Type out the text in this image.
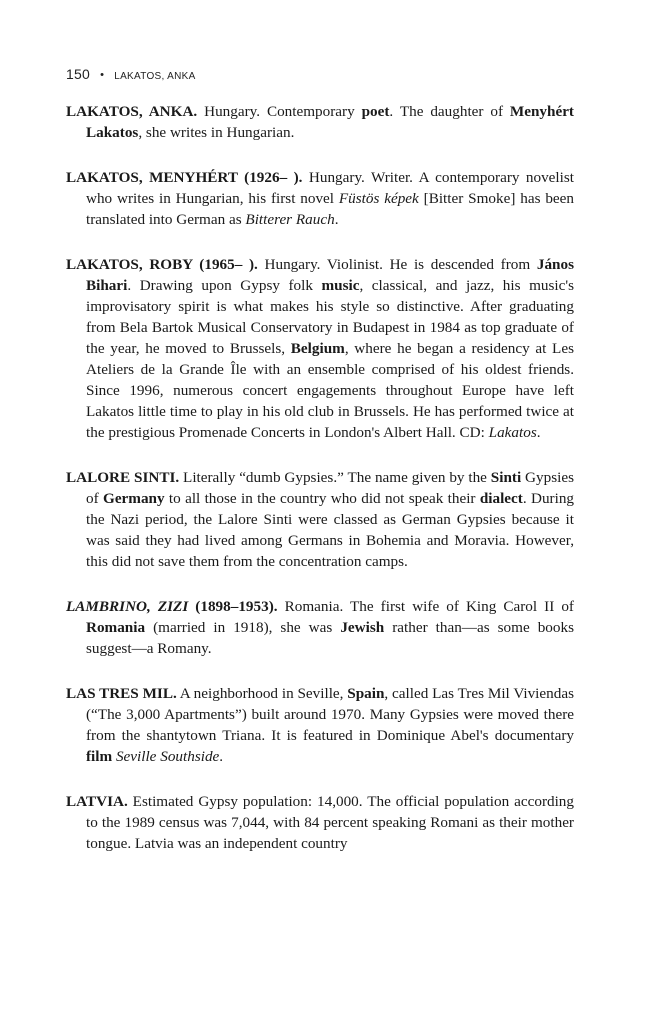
150 • LAKATOS, ANKA

LAKATOS, ANKA. Hungary. Contemporary poet. The daughter of Menyhért Lakatos, she writes in Hungarian.

LAKATOS, MENYHÉRT (1926– ). Hungary. Writer. A contemporary novelist who writes in Hungarian, his first novel Füstös képek [Bitter Smoke] has been translated into German as Bitterer Rauch.

LAKATOS, ROBY (1965– ). Hungary. Violinist. He is descended from János Bihari. Drawing upon Gypsy folk music, classical, and jazz, his music's improvisatory spirit is what makes his style so distinctive. After graduating from Bela Bartok Musical Conservatory in Budapest in 1984 as top graduate of the year, he moved to Brussels, Belgium, where he began a residency at Les Ateliers de la Grande Île with an ensemble comprised of his oldest friends. Since 1996, numerous concert engagements throughout Europe have left Lakatos little time to play in his old club in Brussels. He has performed twice at the prestigious Promenade Concerts in London's Albert Hall. CD: Lakatos.

LALORE SINTI. Literally “dumb Gypsies.” The name given by the Sinti Gypsies of Germany to all those in the country who did not speak their dialect. During the Nazi period, the Lalore Sinti were classed as German Gypsies because it was said they had lived among Germans in Bohemia and Moravia. However, this did not save them from the concentration camps.

LAMBRINO, ZIZI (1898–1953). Romania. The first wife of King Carol II of Romania (married in 1918), she was Jewish rather than—as some books suggest—a Romany.

LAS TRES MIL. A neighborhood in Seville, Spain, called Las Tres Mil Viviendas (“The 3,000 Apartments”) built around 1970. Many Gypsies were moved there from the shantytown Triana. It is featured in Dominique Abel's documentary film Seville Southside.

LATVIA. Estimated Gypsy population: 14,000. The official population according to the 1989 census was 7,044, with 84 percent speaking Romani as their mother tongue. Latvia was an independent country
